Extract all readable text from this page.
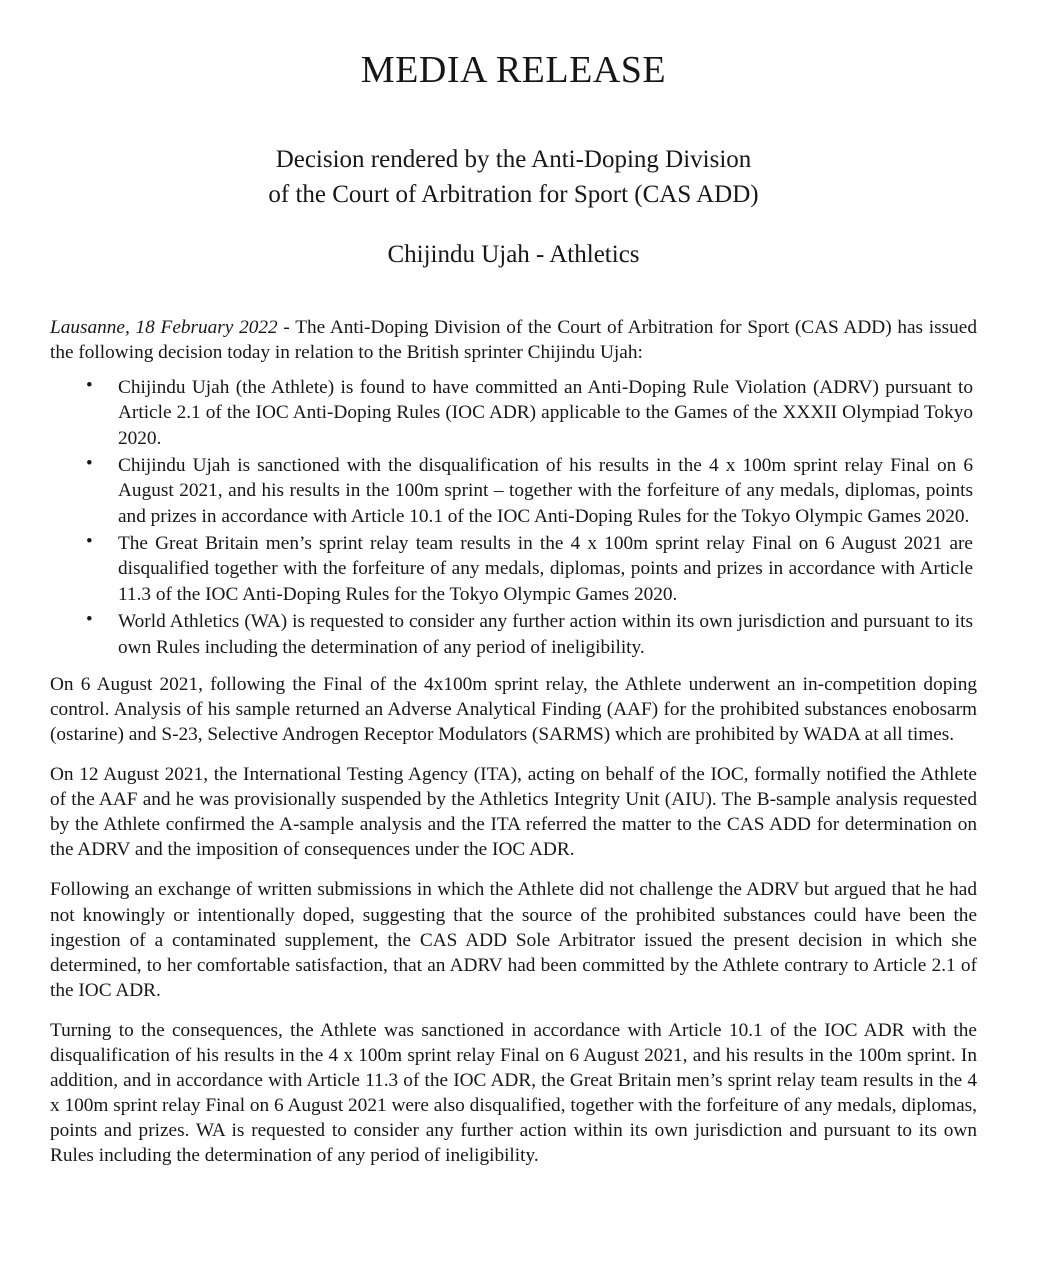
MEDIA RELEASE
Decision rendered by the Anti-Doping Division
of the Court of Arbitration for Sport (CAS ADD)
Chijindu Ujah - Athletics

Lausanne, 18 February 2022 - The Anti-Doping Division of the Court of Arbitration for Sport (CAS ADD) has issued the following decision today in relation to the British sprinter Chijindu Ujah:

• Chijindu Ujah (the Athlete) is found to have committed an Anti-Doping Rule Violation (ADRV) pursuant to Article 2.1 of the IOC Anti-Doping Rules (IOC ADR) applicable to the Games of the XXXII Olympiad Tokyo 2020.
• Chijindu Ujah is sanctioned with the disqualification of his results in the 4 x 100m sprint relay Final on 6 August 2021, and his results in the 100m sprint – together with the forfeiture of any medals, diplomas, points and prizes in accordance with Article 10.1 of the IOC Anti-Doping Rules for the Tokyo Olympic Games 2020.
• The Great Britain men’s sprint relay team results in the 4 x 100m sprint relay Final on 6 August 2021 are disqualified together with the forfeiture of any medals, diplomas, points and prizes in accordance with Article 11.3 of the IOC Anti-Doping Rules for the Tokyo Olympic Games 2020.
• World Athletics (WA) is requested to consider any further action within its own jurisdiction and pursuant to its own Rules including the determination of any period of ineligibility.

On 6 August 2021, following the Final of the 4x100m sprint relay, the Athlete underwent an in-competition doping control. Analysis of his sample returned an Adverse Analytical Finding (AAF) for the prohibited substances enobosarm (ostarine) and S-23, Selective Androgen Receptor Modulators (SARMS) which are prohibited by WADA at all times.

On 12 August 2021, the International Testing Agency (ITA), acting on behalf of the IOC, formally notified the Athlete of the AAF and he was provisionally suspended by the Athletics Integrity Unit (AIU). The B-sample analysis requested by the Athlete confirmed the A-sample analysis and the ITA referred the matter to the CAS ADD for determination on the ADRV and the imposition of consequences under the IOC ADR.

Following an exchange of written submissions in which the Athlete did not challenge the ADRV but argued that he had not knowingly or intentionally doped, suggesting that the source of the prohibited substances could have been the ingestion of a contaminated supplement, the CAS ADD Sole Arbitrator issued the present decision in which she determined, to her comfortable satisfaction, that an ADRV had been committed by the Athlete contrary to Article 2.1 of the IOC ADR.

Turning to the consequences, the Athlete was sanctioned in accordance with Article 10.1 of the IOC ADR with the disqualification of his results in the 4 x 100m sprint relay Final on 6 August 2021, and his results in the 100m sprint. In addition, and in accordance with Article 11.3 of the IOC ADR, the Great Britain men’s sprint relay team results in the 4 x 100m sprint relay Final on 6 August 2021 were also disqualified, together with the forfeiture of any medals, diplomas, points and prizes. WA is requested to consider any further action within its own jurisdiction and pursuant to its own Rules including the determination of any period of ineligibility.
